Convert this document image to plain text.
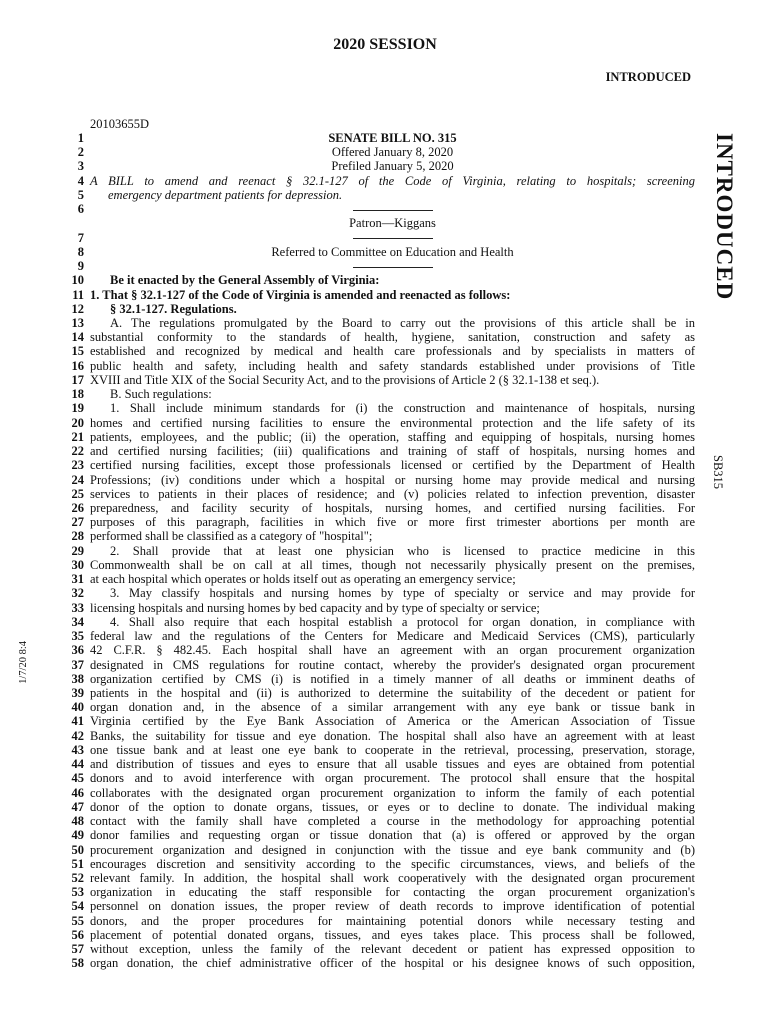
2020 SESSION
INTRODUCED
20103655D
INTRODUCED
SB315
1/7/20 8:4
1	SENATE BILL NO. 315
2	Offered January 8, 2020
3	Prefiled January 5, 2020
4 A BILL to amend and reenact § 32.1-127 of the Code of Virginia, relating to hospitals; screening
5	emergency department patients for depression.
6
Patron—Kiggans
7
8	Referred to Committee on Education and Health
9
10	Be it enacted by the General Assembly of Virginia:
11 1. That § 32.1-127 of the Code of Virginia is amended and reenacted as follows:
12	§ 32.1-127. Regulations.
13	A. The regulations promulgated by the Board to carry out the provisions of this article shall be in
14 substantial conformity to the standards of health, hygiene, sanitation, construction and safety as
15 established and recognized by medical and health care professionals and by specialists in matters of
16 public health and safety, including health and safety standards established under provisions of Title
17 XVIII and Title XIX of the Social Security Act, and to the provisions of Article 2 (§ 32.1-138 et seq.).
18	B. Such regulations:
19	1. Shall include minimum standards for (i) the construction and maintenance of hospitals, nursing
20 homes and certified nursing facilities to ensure the environmental protection and the life safety of its
21 patients, employees, and the public; (ii) the operation, staffing and equipping of hospitals, nursing homes
22 and certified nursing facilities; (iii) qualifications and training of staff of hospitals, nursing homes and
23 certified nursing facilities, except those professionals licensed or certified by the Department of Health
24 Professions; (iv) conditions under which a hospital or nursing home may provide medical and nursing
25 services to patients in their places of residence; and (v) policies related to infection prevention, disaster
26 preparedness, and facility security of hospitals, nursing homes, and certified nursing facilities. For
27 purposes of this paragraph, facilities in which five or more first trimester abortions per month are
28 performed shall be classified as a category of "hospital";
29	2. Shall provide that at least one physician who is licensed to practice medicine in this
30 Commonwealth shall be on call at all times, though not necessarily physically present on the premises,
31 at each hospital which operates or holds itself out as operating an emergency service;
32	3. May classify hospitals and nursing homes by type of specialty or service and may provide for
33 licensing hospitals and nursing homes by bed capacity and by type of specialty or service;
34	4. Shall also require that each hospital establish a protocol for organ donation, in compliance with
35 federal law and the regulations of the Centers for Medicare and Medicaid Services (CMS), particularly
36 42 C.F.R. § 482.45. Each hospital shall have an agreement with an organ procurement organization
37 designated in CMS regulations for routine contact, whereby the provider's designated organ procurement
38 organization certified by CMS (i) is notified in a timely manner of all deaths or imminent deaths of
39 patients in the hospital and (ii) is authorized to determine the suitability of the decedent or patient for
40 organ donation and, in the absence of a similar arrangement with any eye bank or tissue bank in
41 Virginia certified by the Eye Bank Association of America or the American Association of Tissue
42 Banks, the suitability for tissue and eye donation. The hospital shall also have an agreement with at least
43 one tissue bank and at least one eye bank to cooperate in the retrieval, processing, preservation, storage,
44 and distribution of tissues and eyes to ensure that all usable tissues and eyes are obtained from potential
45 donors and to avoid interference with organ procurement. The protocol shall ensure that the hospital
46 collaborates with the designated organ procurement organization to inform the family of each potential
47 donor of the option to donate organs, tissues, or eyes or to decline to donate. The individual making
48 contact with the family shall have completed a course in the methodology for approaching potential
49 donor families and requesting organ or tissue donation that (a) is offered or approved by the organ
50 procurement organization and designed in conjunction with the tissue and eye bank community and (b)
51 encourages discretion and sensitivity according to the specific circumstances, views, and beliefs of the
52 relevant family. In addition, the hospital shall work cooperatively with the designated organ procurement
53 organization in educating the staff responsible for contacting the organ procurement organization's
54 personnel on donation issues, the proper review of death records to improve identification of potential
55 donors, and the proper procedures for maintaining potential donors while necessary testing and
56 placement of potential donated organs, tissues, and eyes takes place. This process shall be followed,
57 without exception, unless the family of the relevant decedent or patient has expressed opposition to
58 organ donation, the chief administrative officer of the hospital or his designee knows of such opposition,
